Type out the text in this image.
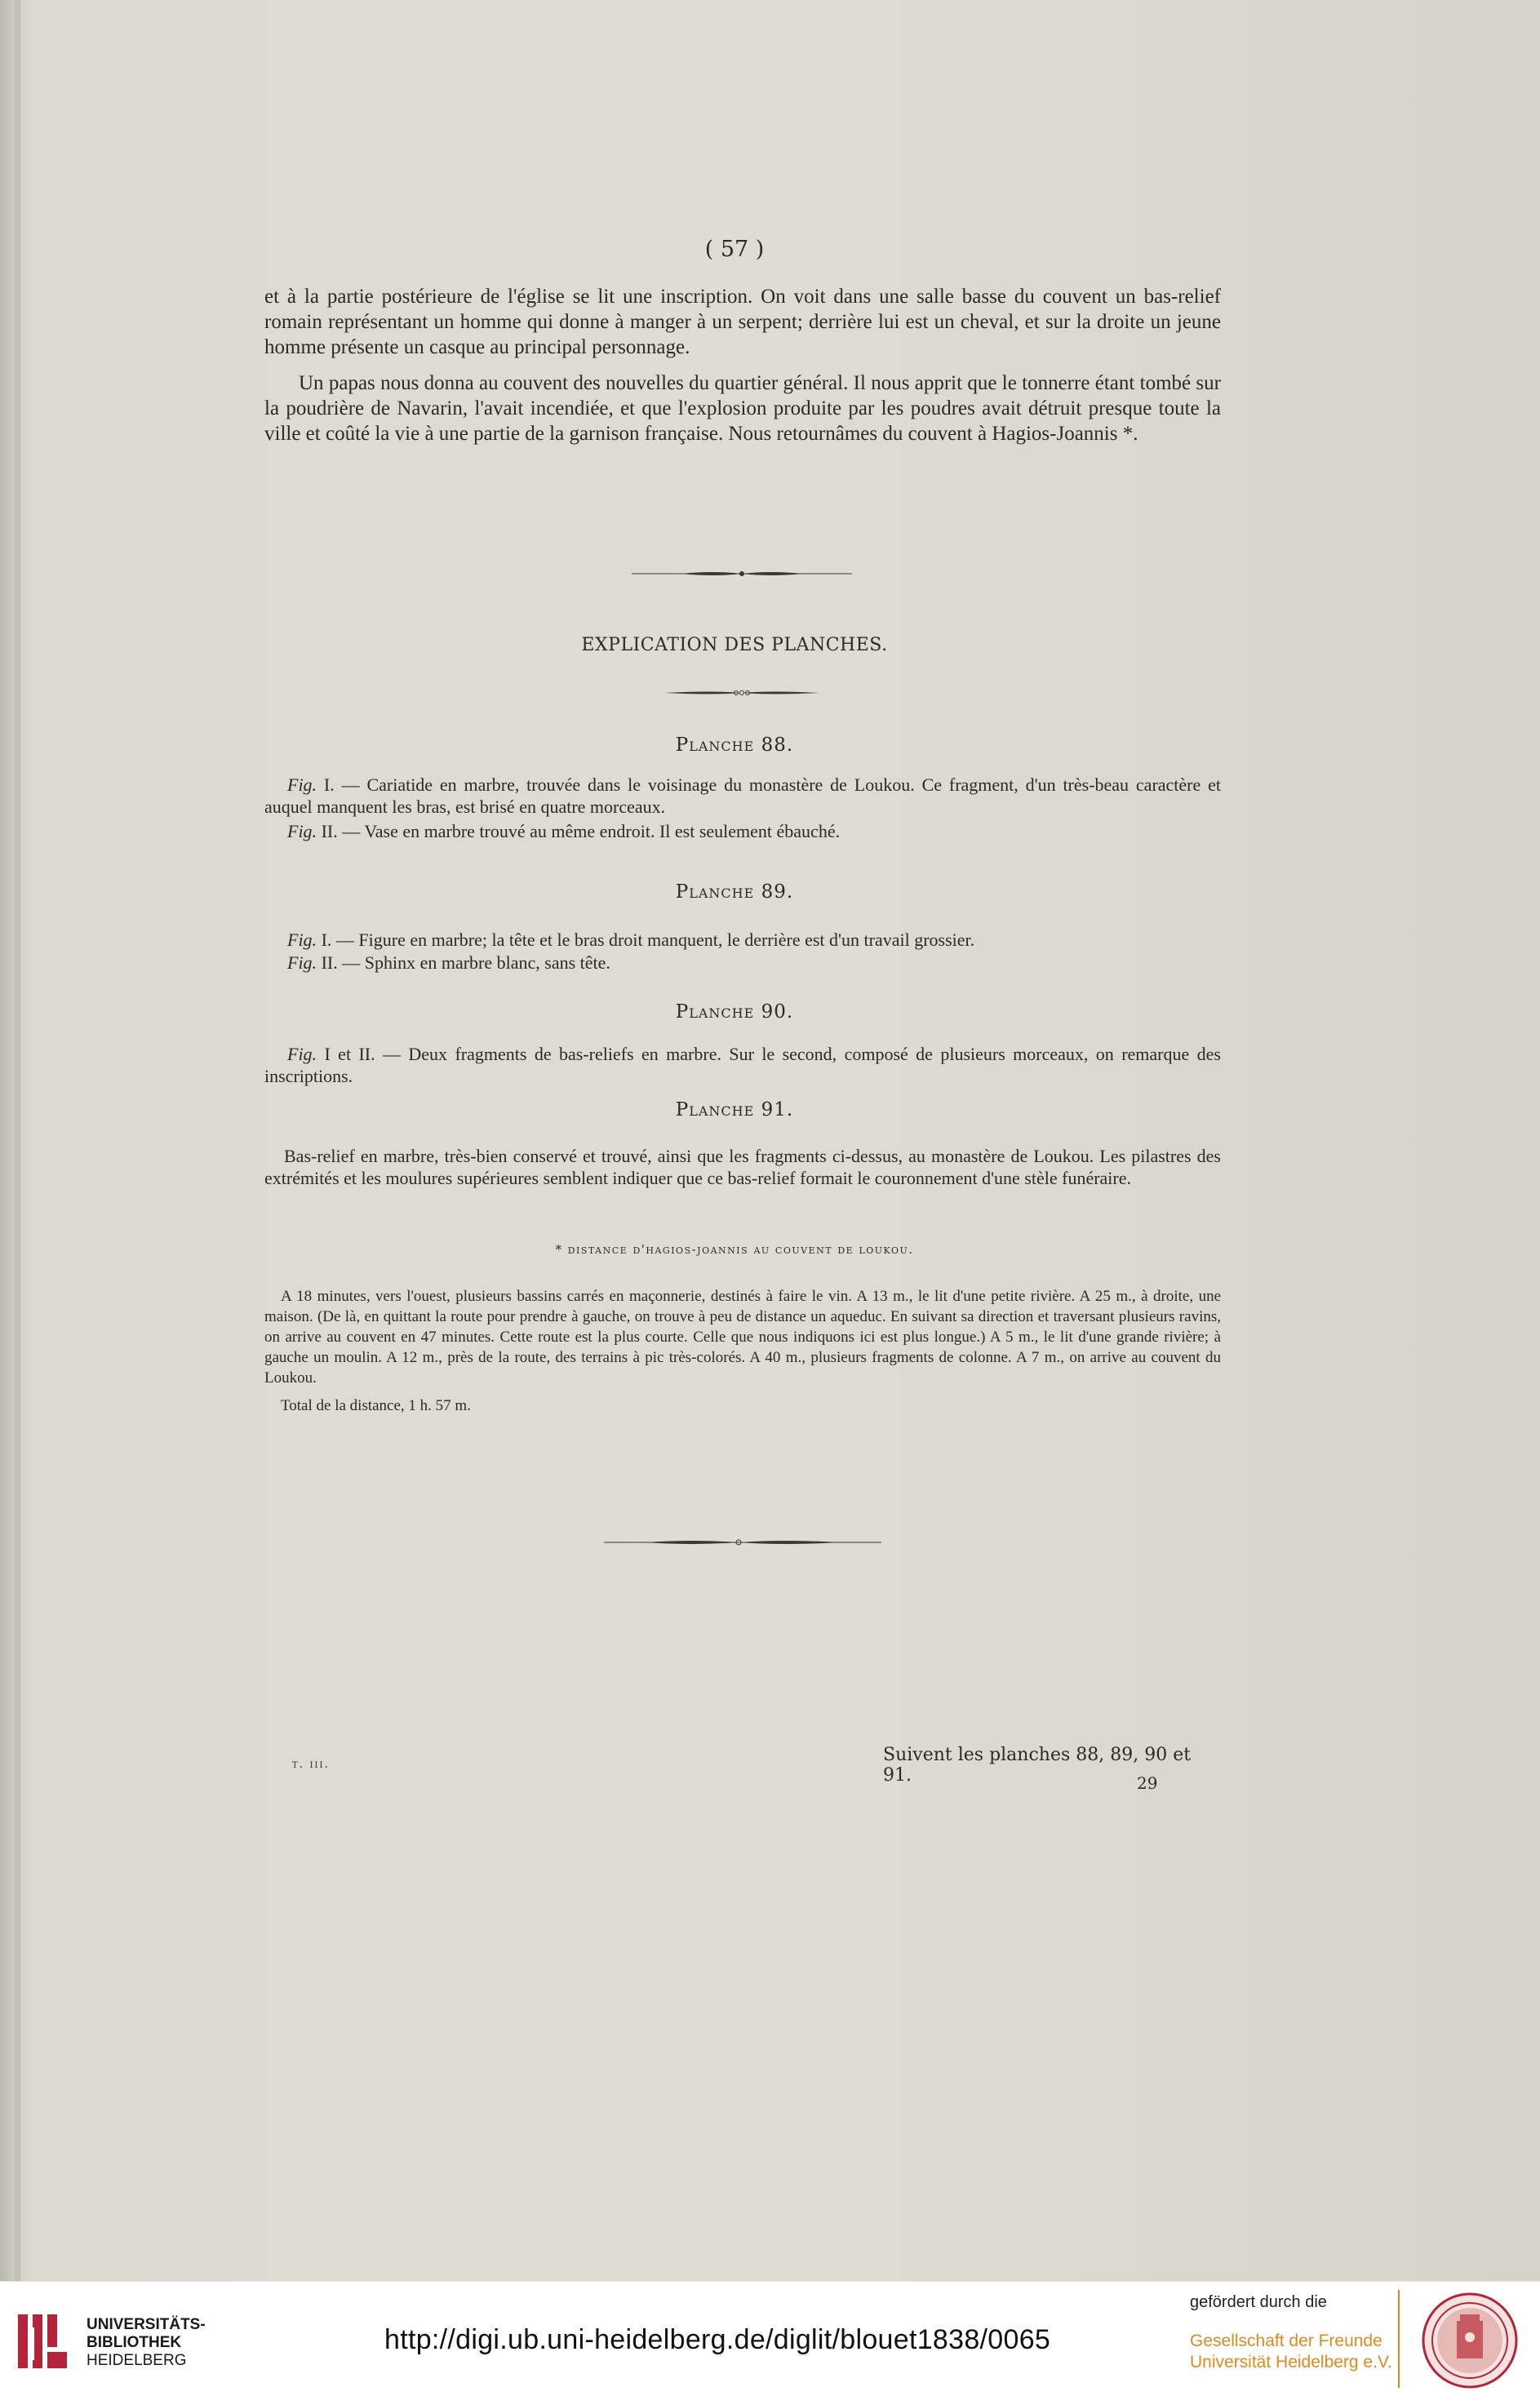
( 57 )

et à la partie postérieure de l'église se lit une inscription. On voit dans une salle basse du couvent un bas-relief romain représentant un homme qui donne à manger à un serpent; derrière lui est un cheval, et sur la droite un jeune homme présente un casque au principal personnage.

Un papas nous donna au couvent des nouvelles du quartier général. Il nous apprit que le tonnerre étant tombé sur la poudrière de Navarin, l'avait incendiée, et que l'explosion produite par les poudres avait détruit presque toute la ville et coûté la vie à une partie de la garnison française. Nous retournâmes du couvent à Hagios-Joannis *.

EXPLICATION DES PLANCHES.

Planche 88.

Fig. I. — Cariatide en marbre, trouvée dans le voisinage du monastère de Loukou. Ce fragment, d'un très-beau caractère et auquel manquent les bras, est brisé en quatre morceaux.

Fig. II. — Vase en marbre trouvé au même endroit. Il est seulement ébauché.

Planche 89.

Fig. I. — Figure en marbre; la tête et le bras droit manquent, le derrière est d'un travail grossier.

Fig. II. — Sphinx en marbre blanc, sans tête.

Planche 90.

Fig. I et II. — Deux fragments de bas-reliefs en marbre. Sur le second, composé de plusieurs morceaux, on remarque des inscriptions.

Planche 91.

Bas-relief en marbre, très-bien conservé et trouvé, ainsi que les fragments ci-dessus, au monastère de Loukou. Les pilastres des extrémités et les moulures supérieures semblent indiquer que ce bas-relief formait le couronnement d'une stèle funéraire.

* distance d'hagios-joannis au couvent de loukou.

A 18 minutes, vers l'ouest, plusieurs bassins carrés en maçonnerie, destinés à faire le vin. A 13 m., le lit d'une petite rivière. A 25 m., à droite, une maison. (De là, en quittant la route pour prendre à gauche, on trouve à peu de distance un aqueduc. En suivant sa direction et traversant plusieurs ravins, on arrive au couvent en 47 minutes. Cette route est la plus courte. Celle que nous indiquons ici est plus longue.) A 5 m., le lit d'une grande rivière; à gauche un moulin. A 12 m., près de la route, des terrains à pic très-colorés. A 40 m., plusieurs fragments de colonne. A 7 m., on arrive au couvent du Loukou.

Total de la distance, 1 h. 57 m.

t. iii.	Suivent les planches 88, 89, 90 et 91.	29

UNIVERSITÄTS-
BIBLIOTHEK
HEIDELBERG
http://digi.ub.uni-heidelberg.de/diglit/blouet1838/0065
gefördert durch die
Gesellschaft der Freunde
Universität Heidelberg e.V.
